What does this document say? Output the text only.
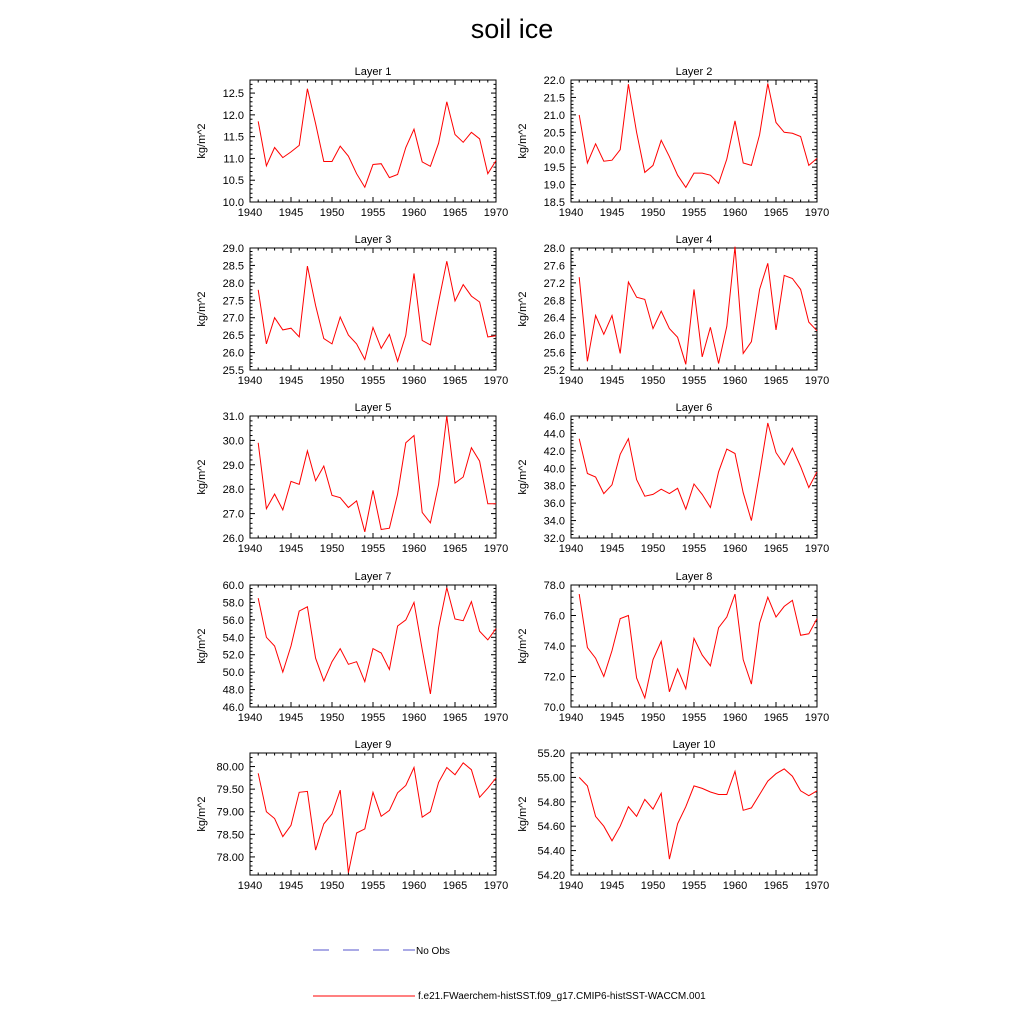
soil ice
Layer 1
kg/m^2
1940 1945 1950 1955 1960 1965 1970
10.0
10.5
11.0
11.5
12.0
12.5
Layer 2
kg/m^2
1940 1945 1950 1955 1960 1965 1970
18.5
19.0
19.5
20.0
20.5
21.0
21.5
22.0
Layer 3
kg/m^2
1940 1945 1950 1955 1960 1965 1970
25.5
26.0
26.5
27.0
27.5
28.0
28.5
29.0
Layer 4
kg/m^2
1940 1945 1950 1955 1960 1965 1970
25.2
25.6
26.0
26.4
26.8
27.2
27.6
28.0
Layer 5
kg/m^2
1940 1945 1950 1955 1960 1965 1970
26.0
27.0
28.0
29.0
30.0
31.0
Layer 6
kg/m^2
1940 1945 1950 1955 1960 1965 1970
32.0
34.0
36.0
38.0
40.0
42.0
44.0
46.0
Layer 7
kg/m^2
1940 1945 1950 1955 1960 1965 1970
46.0
48.0
50.0
52.0
54.0
56.0
58.0
60.0
Layer 8
kg/m^2
1940 1945 1950 1955 1960 1965 1970
70.0
72.0
74.0
76.0
78.0
Layer 9
kg/m^2
1940 1945 1950 1955 1960 1965 1970
78.00
78.50
79.00
79.50
80.00
Layer 10
kg/m^2
1940 1945 1950 1955 1960 1965 1970
54.20
54.40
54.60
54.80
55.00
55.20
No Obs
f.e21.FWaerchem-histSST.f09_g17.CMIP6-histSST-WACCM.001
